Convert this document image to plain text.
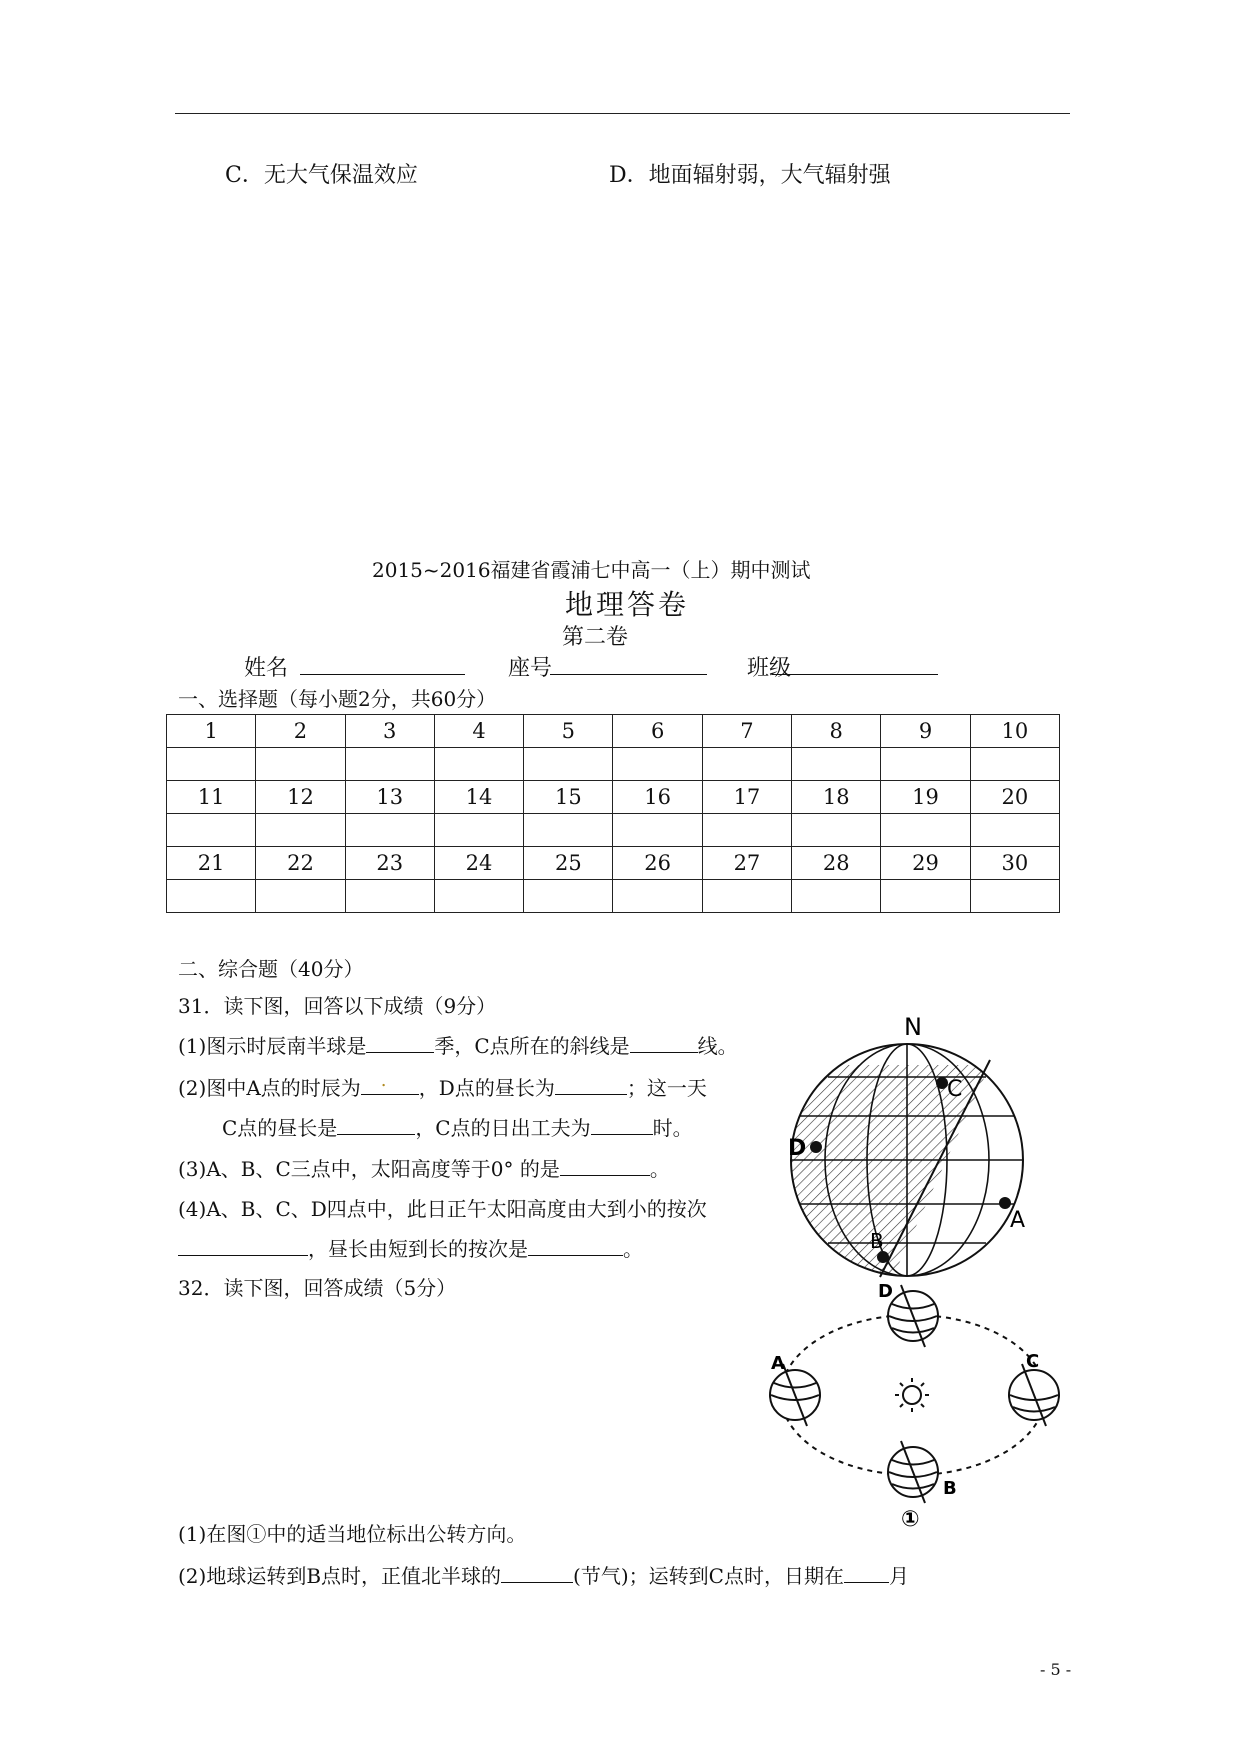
C．无大气保温效应	D．地面辐射弱，大气辐射强
2015~2016福建省霞浦七中高一（上）期中测试
地理答卷
第二卷
姓名	座号	班级
一、选择题（每小题2分，共60分）
1	2	3	4	5	6	7	8	9	10

11	12	13	14	15	16	17	18	19	20

21	22	23	24	25	26	27	28	29	30

二、综合题（40分）
31．读下图，回答以下成绩（9分）
(1)图示时辰南半球是	季，C点所在的斜线是	线。
(2)图中A点的时辰为 . ，D点的昼长为	；这一天
C点的昼长是	，C点的日出工夫为	时。
(3)A、B、C三点中，太阳高度等于0° 的是	。
(4)A、B、C、D四点中，此日正午太阳高度由大到小的按次
，昼长由短到长的按次是	。
32．读下图，回答成绩（5分）
(1)在图①中的适当地位标出公转方向。
(2)地球运转到B点时，正值北半球的	(节气)；运转到C点时，日期在 月
N
C
D
A
B
D
A	C
B
①
- 5 -
